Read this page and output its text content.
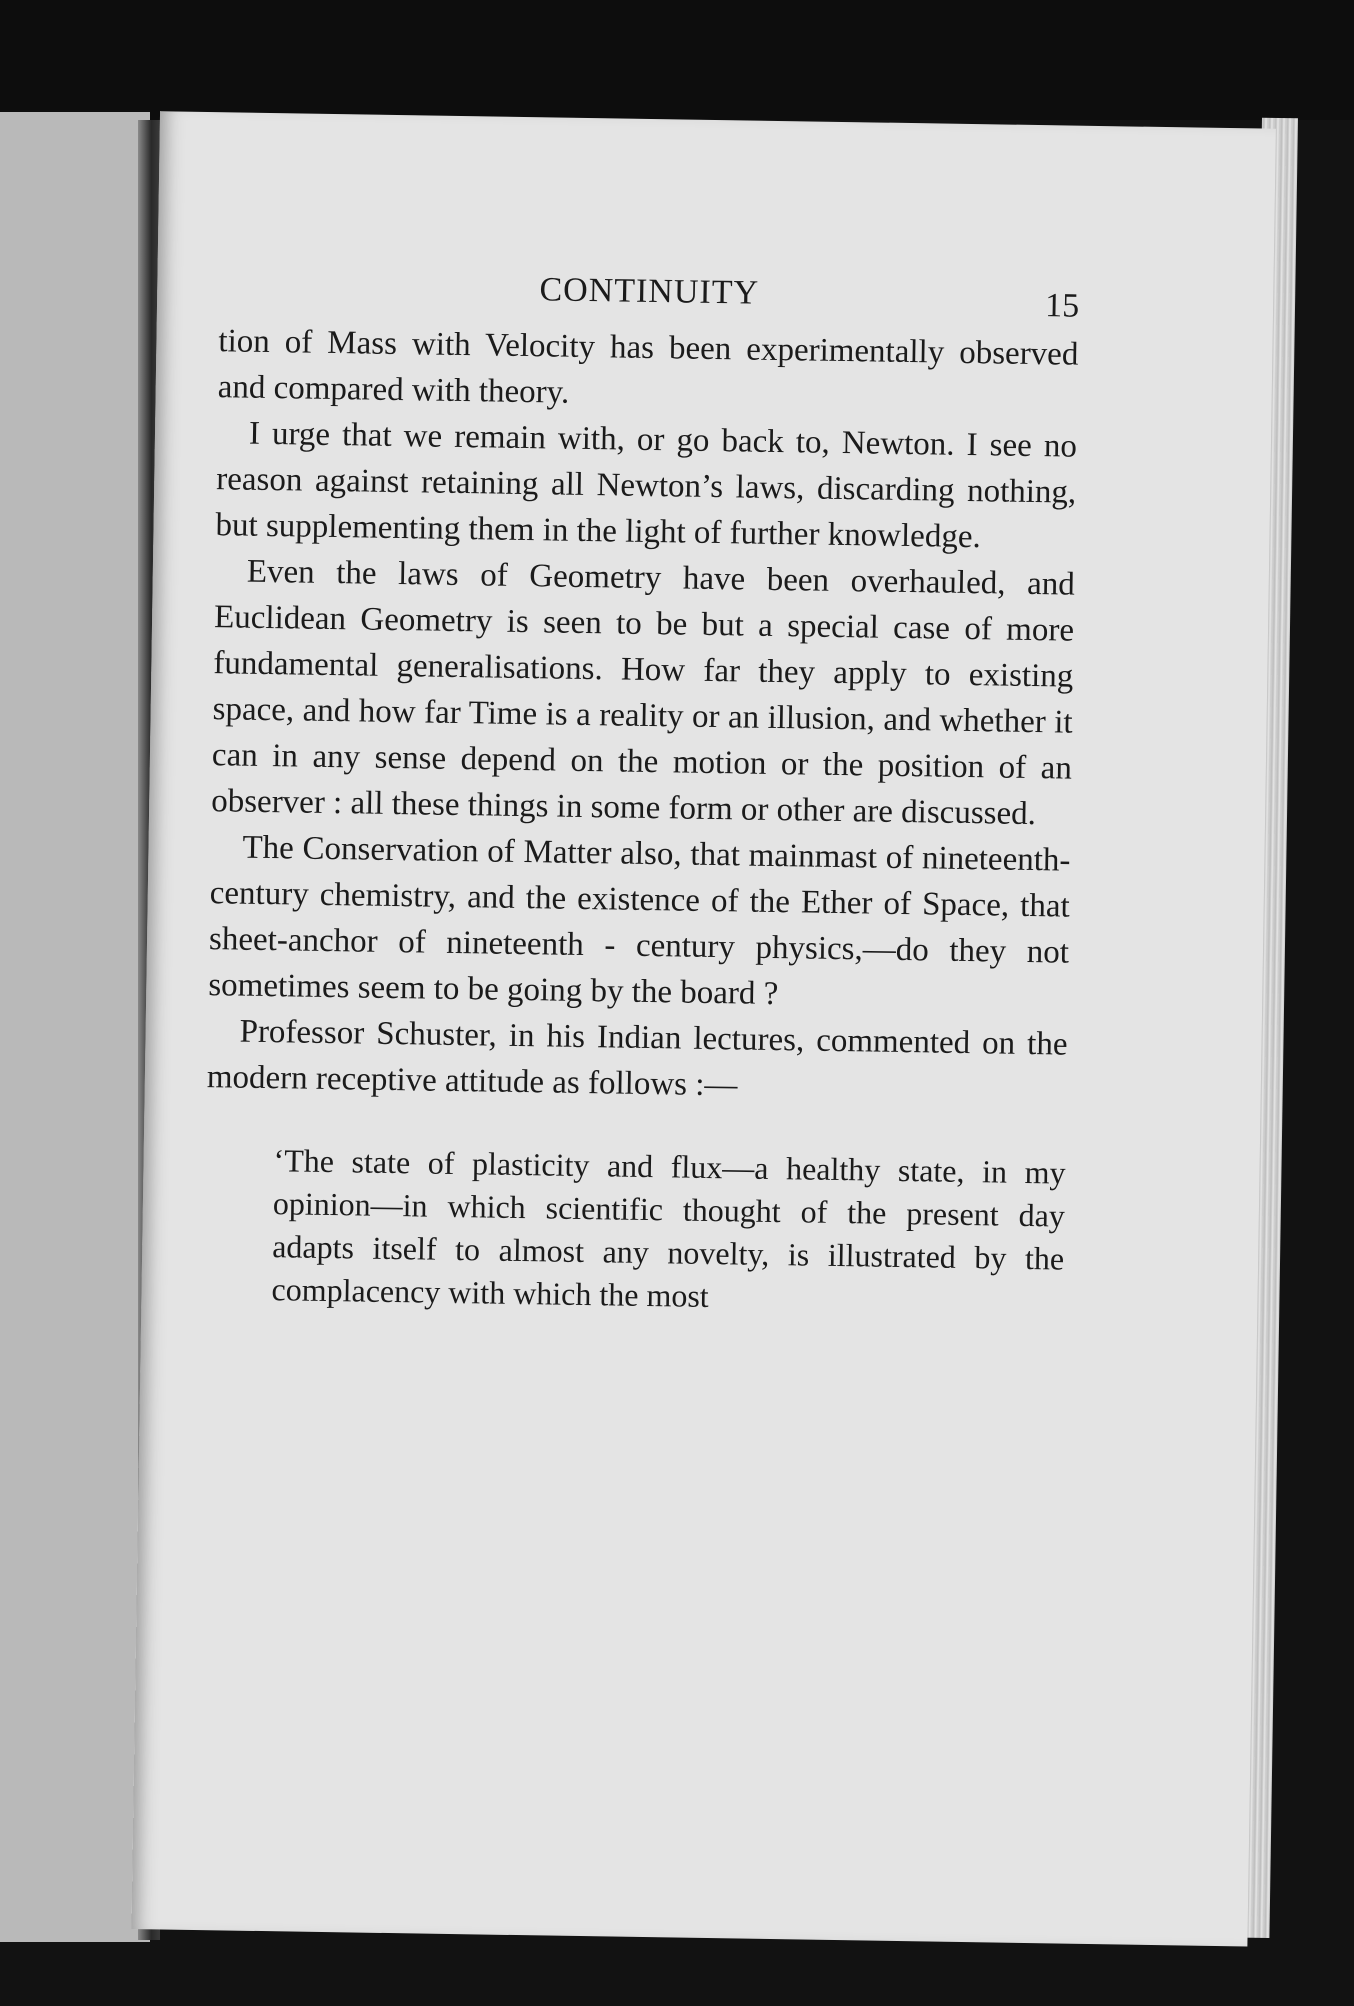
CONTINUITY	15

tion of Mass with Velocity has been experimentally observed and compared with theory.

I urge that we remain with, or go back to, Newton. I see no reason against retaining all Newton’s laws, discarding nothing, but supplementing them in the light of further knowledge.

Even the laws of Geometry have been overhauled, and Euclidean Geometry is seen to be but a special case of more fundamental generalisations. How far they apply to existing space, and how far Time is a reality or an illusion, and whether it can in any sense depend on the motion or the position of an observer : all these things in some form or other are discussed.

The Conservation of Matter also, that mainmast of nineteenth-century chemistry, and the existence of the Ether of Space, that sheet-anchor of nineteenth - century physics,—do they not sometimes seem to be going by the board ?

Professor Schuster, in his Indian lectures, commented on the modern receptive attitude as follows :—

‘The state of plasticity and flux—a healthy state, in my opinion—in which scientific thought of the present day adapts itself to almost any novelty, is illustrated by the complacency with which the most
